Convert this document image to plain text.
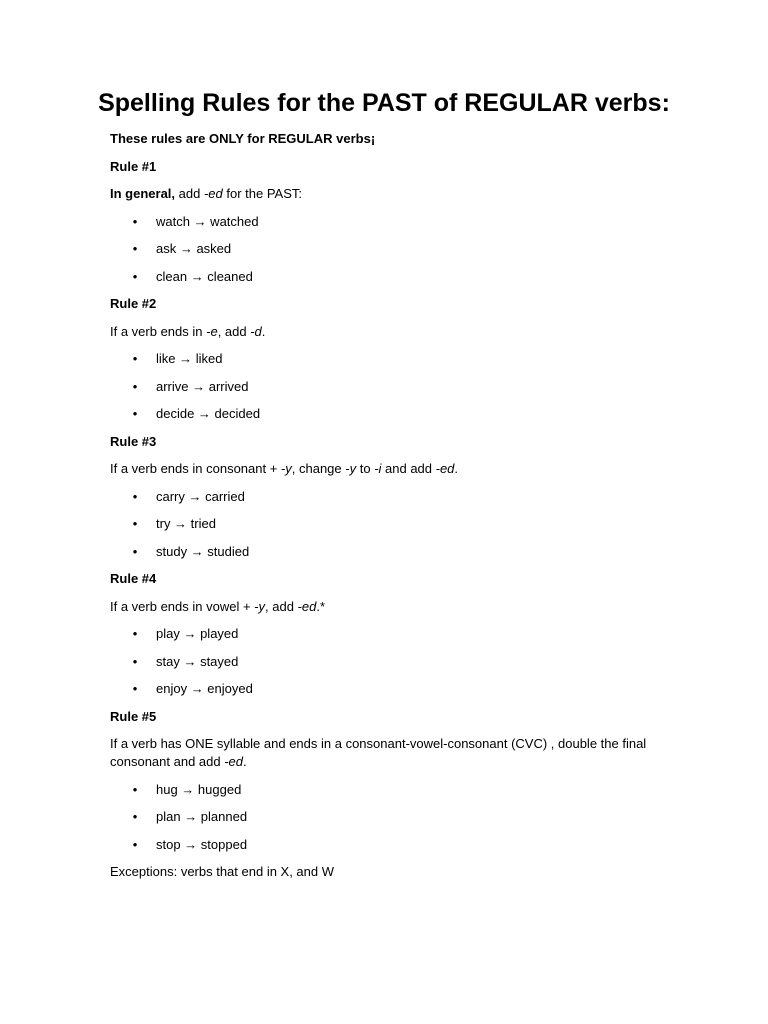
Spelling Rules for the PAST of REGULAR verbs:

These rules are ONLY for REGULAR verbs¡

Rule #1

In general, add -ed for the PAST:

• watch → watched
• ask → asked
• clean → cleaned

Rule #2

If a verb ends in -e, add -d.

• like → liked
• arrive → arrived
• decide → decided

Rule #3

If a verb ends in consonant + -y, change -y to -i and add -ed.

• carry → carried
• try → tried
• study → studied

Rule #4

If a verb ends in vowel + -y, add -ed.*

• play → played
• stay → stayed
• enjoy → enjoyed

Rule #5

If a verb has ONE syllable and ends in a consonant-vowel-consonant (CVC) , double the final consonant and add -ed.

• hug → hugged
• plan → planned
• stop → stopped

Exceptions: verbs that end in X, and W
